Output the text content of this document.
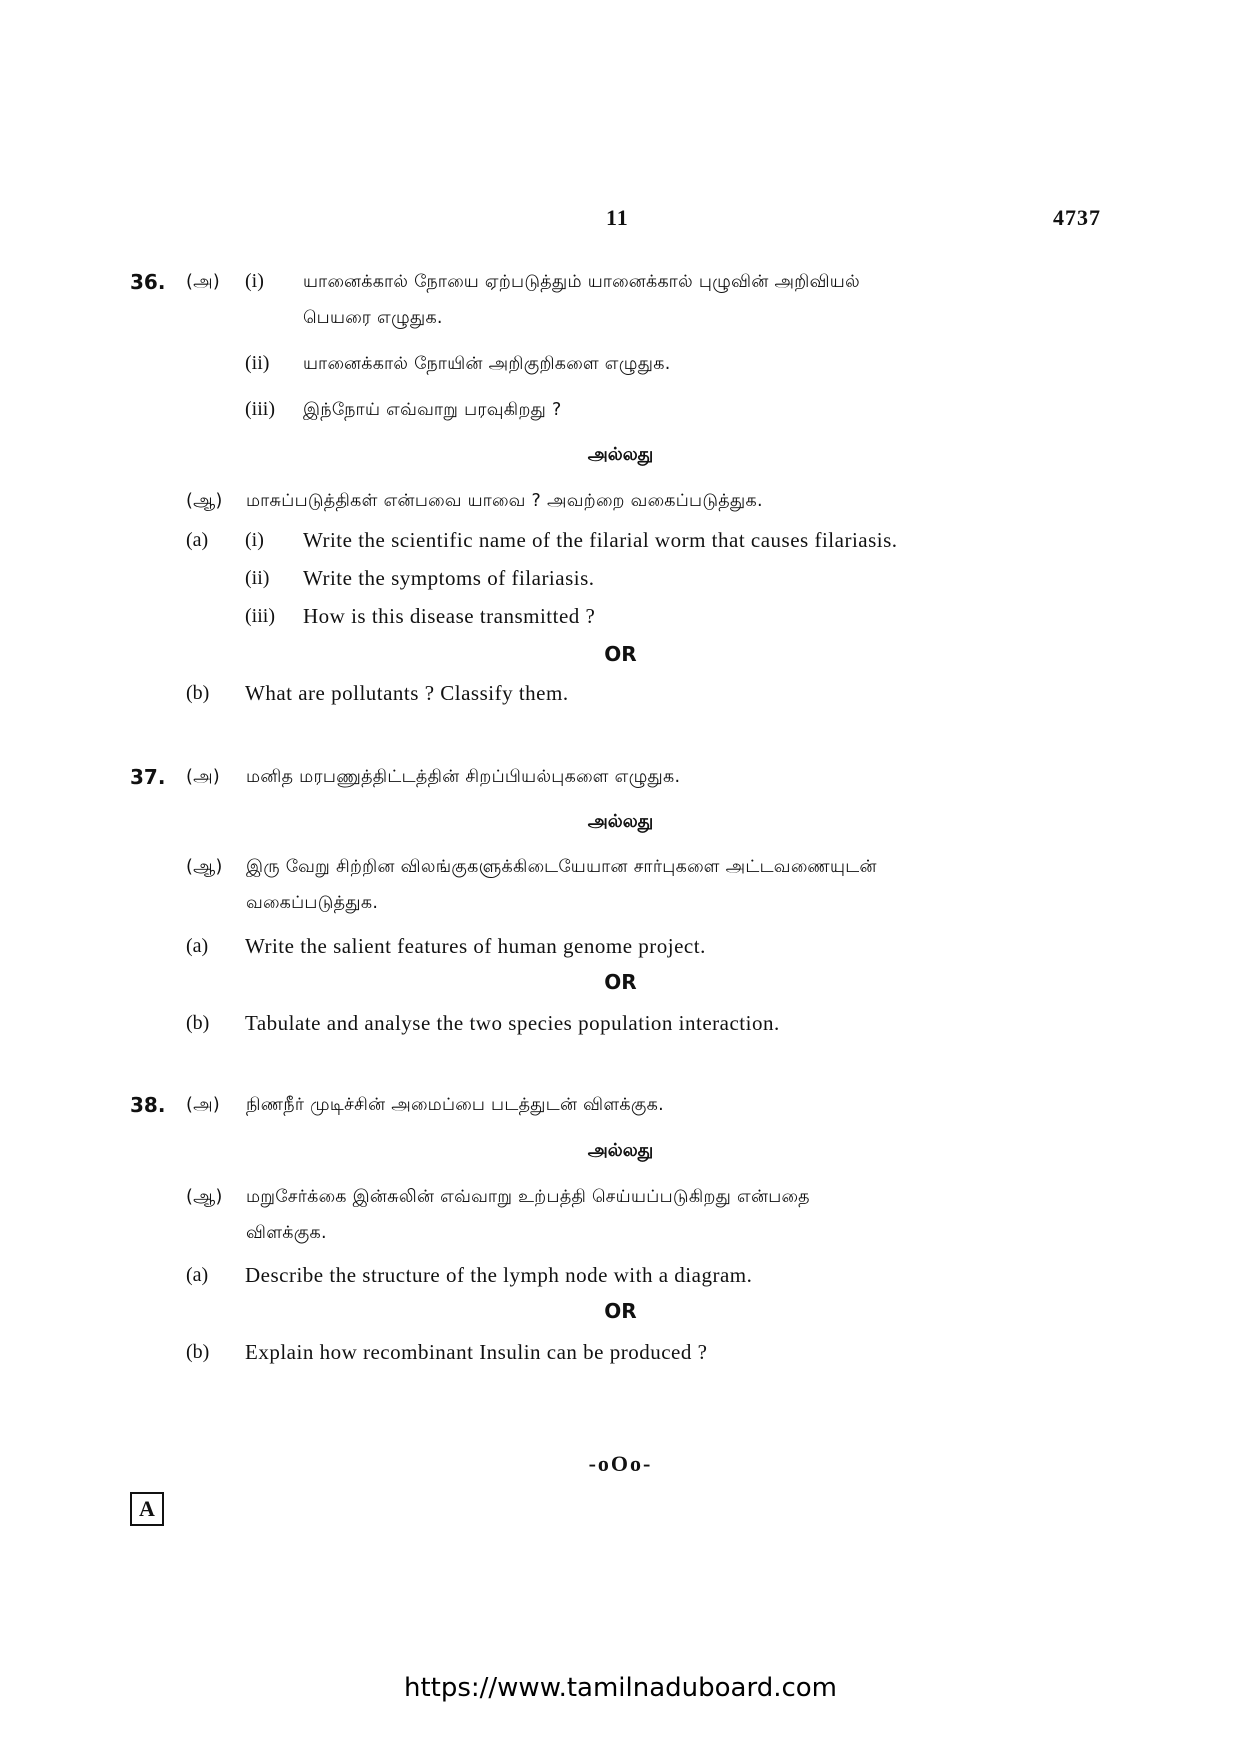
11	4737
36. (அ) (i) யானைக்கால் நோயை ஏற்படுத்தும் யானைக்கால் புழுவின் அறிவியல்
பெயரை எழுதுக.
(ii) யானைக்கால் நோயின் அறிகுறிகளை எழுதுக.
(iii) இந்நோய் எவ்வாறு பரவுகிறது ?
அல்லது
(ஆ) மாசுப்படுத்திகள் என்பவை யாவை ? அவற்றை வகைப்படுத்துக.
(a) (i) Write the scientific name of the filarial worm that causes filariasis.
(ii) Write the symptoms of filariasis.
(iii) How is this disease transmitted ?
OR
(b) What are pollutants ? Classify them.
37. (அ) மனித மரபணுத்திட்டத்தின் சிறப்பியல்புகளை எழுதுக.
அல்லது
(ஆ) இரு வேறு சிற்றின விலங்குகளுக்கிடையேயான சார்புகளை அட்டவணையுடன்
வகைப்படுத்துக.
(a) Write the salient features of human genome project.
OR
(b) Tabulate and analyse the two species population interaction.
38. (அ) நிணநீர் முடிச்சின் அமைப்பை படத்துடன் விளக்குக.
அல்லது
(ஆ) மறுசேர்க்கை இன்சுலின் எவ்வாறு உற்பத்தி செய்யப்படுகிறது என்பதை
விளக்குக.
(a) Describe the structure of the lymph node with a diagram.
OR
(b) Explain how recombinant Insulin can be produced ?
-oOo-
A
https://www.tamilnaduboard.com
